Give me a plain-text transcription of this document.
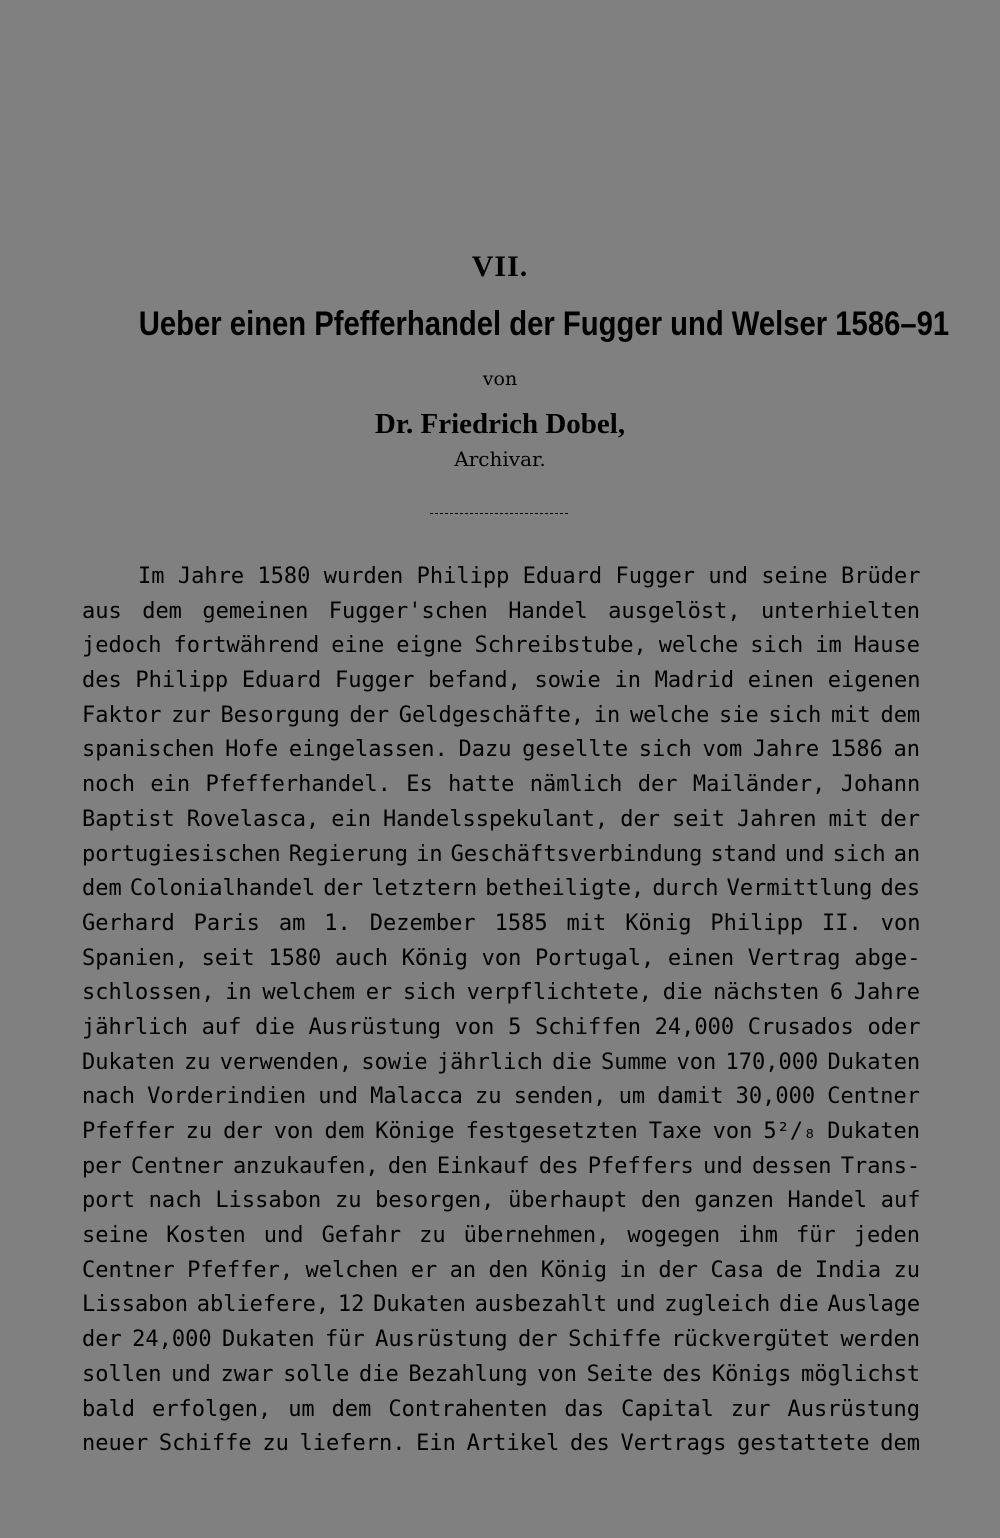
VII.
Ueber einen Pfefferhandel der Fugger und Welser 1586–91
von
Dr. Friedrich Dobel,
Archivar.
Im Jahre 1580 wurden Philipp Eduard Fugger und seine Brüder
aus dem gemeinen Fugger'schen Handel ausgelöst, unterhielten
jedoch fortwährend eine eigne Schreibstube, welche sich im Hause
des Philipp Eduard Fugger befand, sowie in Madrid einen eigenen
Faktor zur Besorgung der Geldgeschäfte, in welche sie sich mit dem
spanischen Hofe eingelassen. Dazu gesellte sich vom Jahre 1586 an
noch ein Pfefferhandel. Es hatte nämlich der Mailänder, Johann
Baptist Rovelasca, ein Handelsspekulant, der seit Jahren mit der
portugiesischen Regierung in Geschäftsverbindung stand und sich an
dem Colonialhandel der letztern betheiligte, durch Vermittlung des
Gerhard Paris am 1. Dezember 1585 mit König Philipp II. von
Spanien, seit 1580 auch König von Portugal, einen Vertrag abge-
schlossen, in welchem er sich verpflichtete, die nächsten 6 Jahre
jährlich auf die Ausrüstung von 5 Schiffen 24,000 Crusados oder
Dukaten zu verwenden, sowie jährlich die Summe von 170,000 Dukaten
nach Vorderindien und Malacca zu senden, um damit 30,000 Centner
Pfeffer zu der von dem Könige festgesetzten Taxe von 5²/₈ Dukaten
per Centner anzukaufen, den Einkauf des Pfeffers und dessen Trans-
port nach Lissabon zu besorgen, überhaupt den ganzen Handel auf
seine Kosten und Gefahr zu übernehmen, wogegen ihm für jeden
Centner Pfeffer, welchen er an den König in der Casa de India zu
Lissabon abliefere, 12 Dukaten ausbezahlt und zugleich die Auslage
der 24,000 Dukaten für Ausrüstung der Schiffe rückvergütet werden
sollen und zwar solle die Bezahlung von Seite des Königs möglichst
bald erfolgen, um dem Contrahenten das Capital zur Ausrüstung
neuer Schiffe zu liefern. Ein Artikel des Vertrags gestattete dem
